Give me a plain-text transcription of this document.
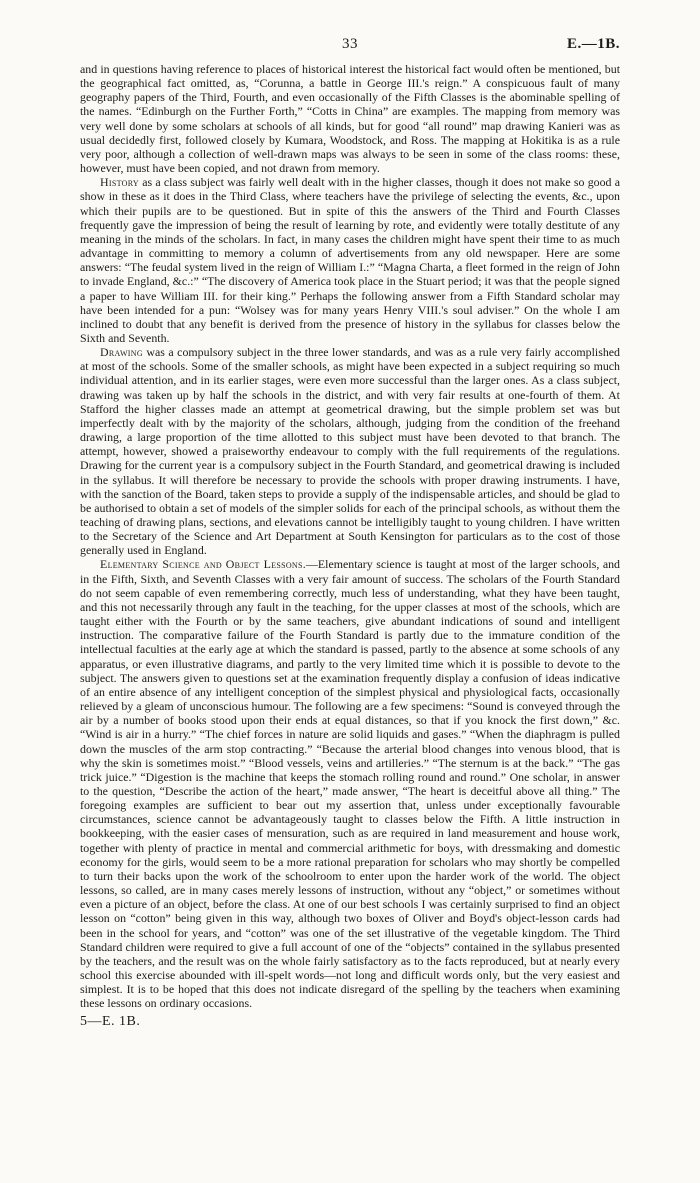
33	E.—1B.

and in questions having reference to places of historical interest the historical fact would often be mentioned, but the geographical fact omitted, as, “Corunna, a battle in George III.'s reign.” A conspicuous fault of many geography papers of the Third, Fourth, and even occasionally of the Fifth Classes is the abominable spelling of the names. “Edinburgh on the Further Forth,” “Cotts in China” are examples. The mapping from memory was very well done by some scholars at schools of all kinds, but for good “all round” map drawing Kanieri was as usual decidedly first, followed closely by Kumara, Woodstock, and Ross. The mapping at Hokitika is as a rule very poor, although a collection of well-drawn maps was always to be seen in some of the class rooms: these, however, must have been copied, and not drawn from memory.

History as a class subject was fairly well dealt with in the higher classes, though it does not make so good a show in these as it does in the Third Class, where teachers have the privilege of selecting the events, &c., upon which their pupils are to be questioned. But in spite of this the answers of the Third and Fourth Classes frequently gave the impression of being the result of learning by rote, and evidently were totally destitute of any meaning in the minds of the scholars. In fact, in many cases the children might have spent their time to as much advantage in committing to memory a column of advertisements from any old newspaper. Here are some answers: “The feudal system lived in the reign of William I.:” “Magna Charta, a fleet formed in the reign of John to invade England, &c.:” “The discovery of America took place in the Stuart period; it was that the people signed a paper to have William III. for their king.” Perhaps the following answer from a Fifth Standard scholar may have been intended for a pun: “Wolsey was for many years Henry VIII.'s soul adviser.” On the whole I am inclined to doubt that any benefit is derived from the presence of history in the syllabus for classes below the Sixth and Seventh.

Drawing was a compulsory subject in the three lower standards, and was as a rule very fairly accomplished at most of the schools. Some of the smaller schools, as might have been expected in a subject requiring so much individual attention, and in its earlier stages, were even more successful than the larger ones. As a class subject, drawing was taken up by half the schools in the district, and with very fair results at one-fourth of them. At Stafford the higher classes made an attempt at geometrical drawing, but the simple problem set was but imperfectly dealt with by the majority of the scholars, although, judging from the condition of the freehand drawing, a large proportion of the time allotted to this subject must have been devoted to that branch. The attempt, however, showed a praiseworthy endeavour to comply with the full requirements of the regulations. Drawing for the current year is a compulsory subject in the Fourth Standard, and geometrical drawing is included in the syllabus. It will therefore be necessary to provide the schools with proper drawing instruments. I have, with the sanction of the Board, taken steps to provide a supply of the indispensable articles, and should be glad to be authorised to obtain a set of models of the simpler solids for each of the principal schools, as without them the teaching of drawing plans, sections, and elevations cannot be intelligibly taught to young children. I have written to the Secretary of the Science and Art Department at South Kensington for particulars as to the cost of those generally used in England.

Elementary Science and Object Lessons.—Elementary science is taught at most of the larger schools, and in the Fifth, Sixth, and Seventh Classes with a very fair amount of success. The scholars of the Fourth Standard do not seem capable of even remembering correctly, much less of understanding, what they have been taught, and this not necessarily through any fault in the teaching, for the upper classes at most of the schools, which are taught either with the Fourth or by the same teachers, give abundant indications of sound and intelligent instruction. The comparative failure of the Fourth Standard is partly due to the immature condition of the intellectual faculties at the early age at which the standard is passed, partly to the absence at some schools of any apparatus, or even illustrative diagrams, and partly to the very limited time which it is possible to devote to the subject. The answers given to questions set at the examination frequently display a confusion of ideas indicative of an entire absence of any intelligent conception of the simplest physical and physiological facts, occasionally relieved by a gleam of unconscious humour. The following are a few specimens: “Sound is conveyed through the air by a number of books stood upon their ends at equal distances, so that if you knock the first down,” &c. “Wind is air in a hurry.” “The chief forces in nature are solid liquids and gases.” “When the diaphragm is pulled down the muscles of the arm stop contracting.” “Because the arterial blood changes into venous blood, that is why the skin is sometimes moist.” “Blood vessels, veins and artilleries.” “The sternum is at the back.” “The gas trick juice.” “Digestion is the machine that keeps the stomach rolling round and round.” One scholar, in answer to the question, “Describe the action of the heart,” made answer, “The heart is deceitful above all thing.” The foregoing examples are sufficient to bear out my assertion that, unless under exceptionally favourable circumstances, science cannot be advantageously taught to classes below the Fifth. A little instruction in bookkeeping, with the easier cases of mensuration, such as are required in land measurement and house work, together with plenty of practice in mental and commercial arithmetic for boys, with dressmaking and domestic economy for the girls, would seem to be a more rational preparation for scholars who may shortly be compelled to turn their backs upon the work of the schoolroom to enter upon the harder work of the world. The object lessons, so called, are in many cases merely lessons of instruction, without any “object,” or sometimes without even a picture of an object, before the class. At one of our best schools I was certainly surprised to find an object lesson on “cotton” being given in this way, although two boxes of Oliver and Boyd's object-lesson cards had been in the school for years, and “cotton” was one of the set illustrative of the vegetable kingdom. The Third Standard children were required to give a full account of one of the “objects” contained in the syllabus presented by the teachers, and the result was on the whole fairly satisfactory as to the facts reproduced, but at nearly every school this exercise abounded with ill-spelt words—not long and difficult words only, but the very easiest and simplest. It is to be hoped that this does not indicate disregard of the spelling by the teachers when examining these lessons on ordinary occasions.

5—E. 1B.
